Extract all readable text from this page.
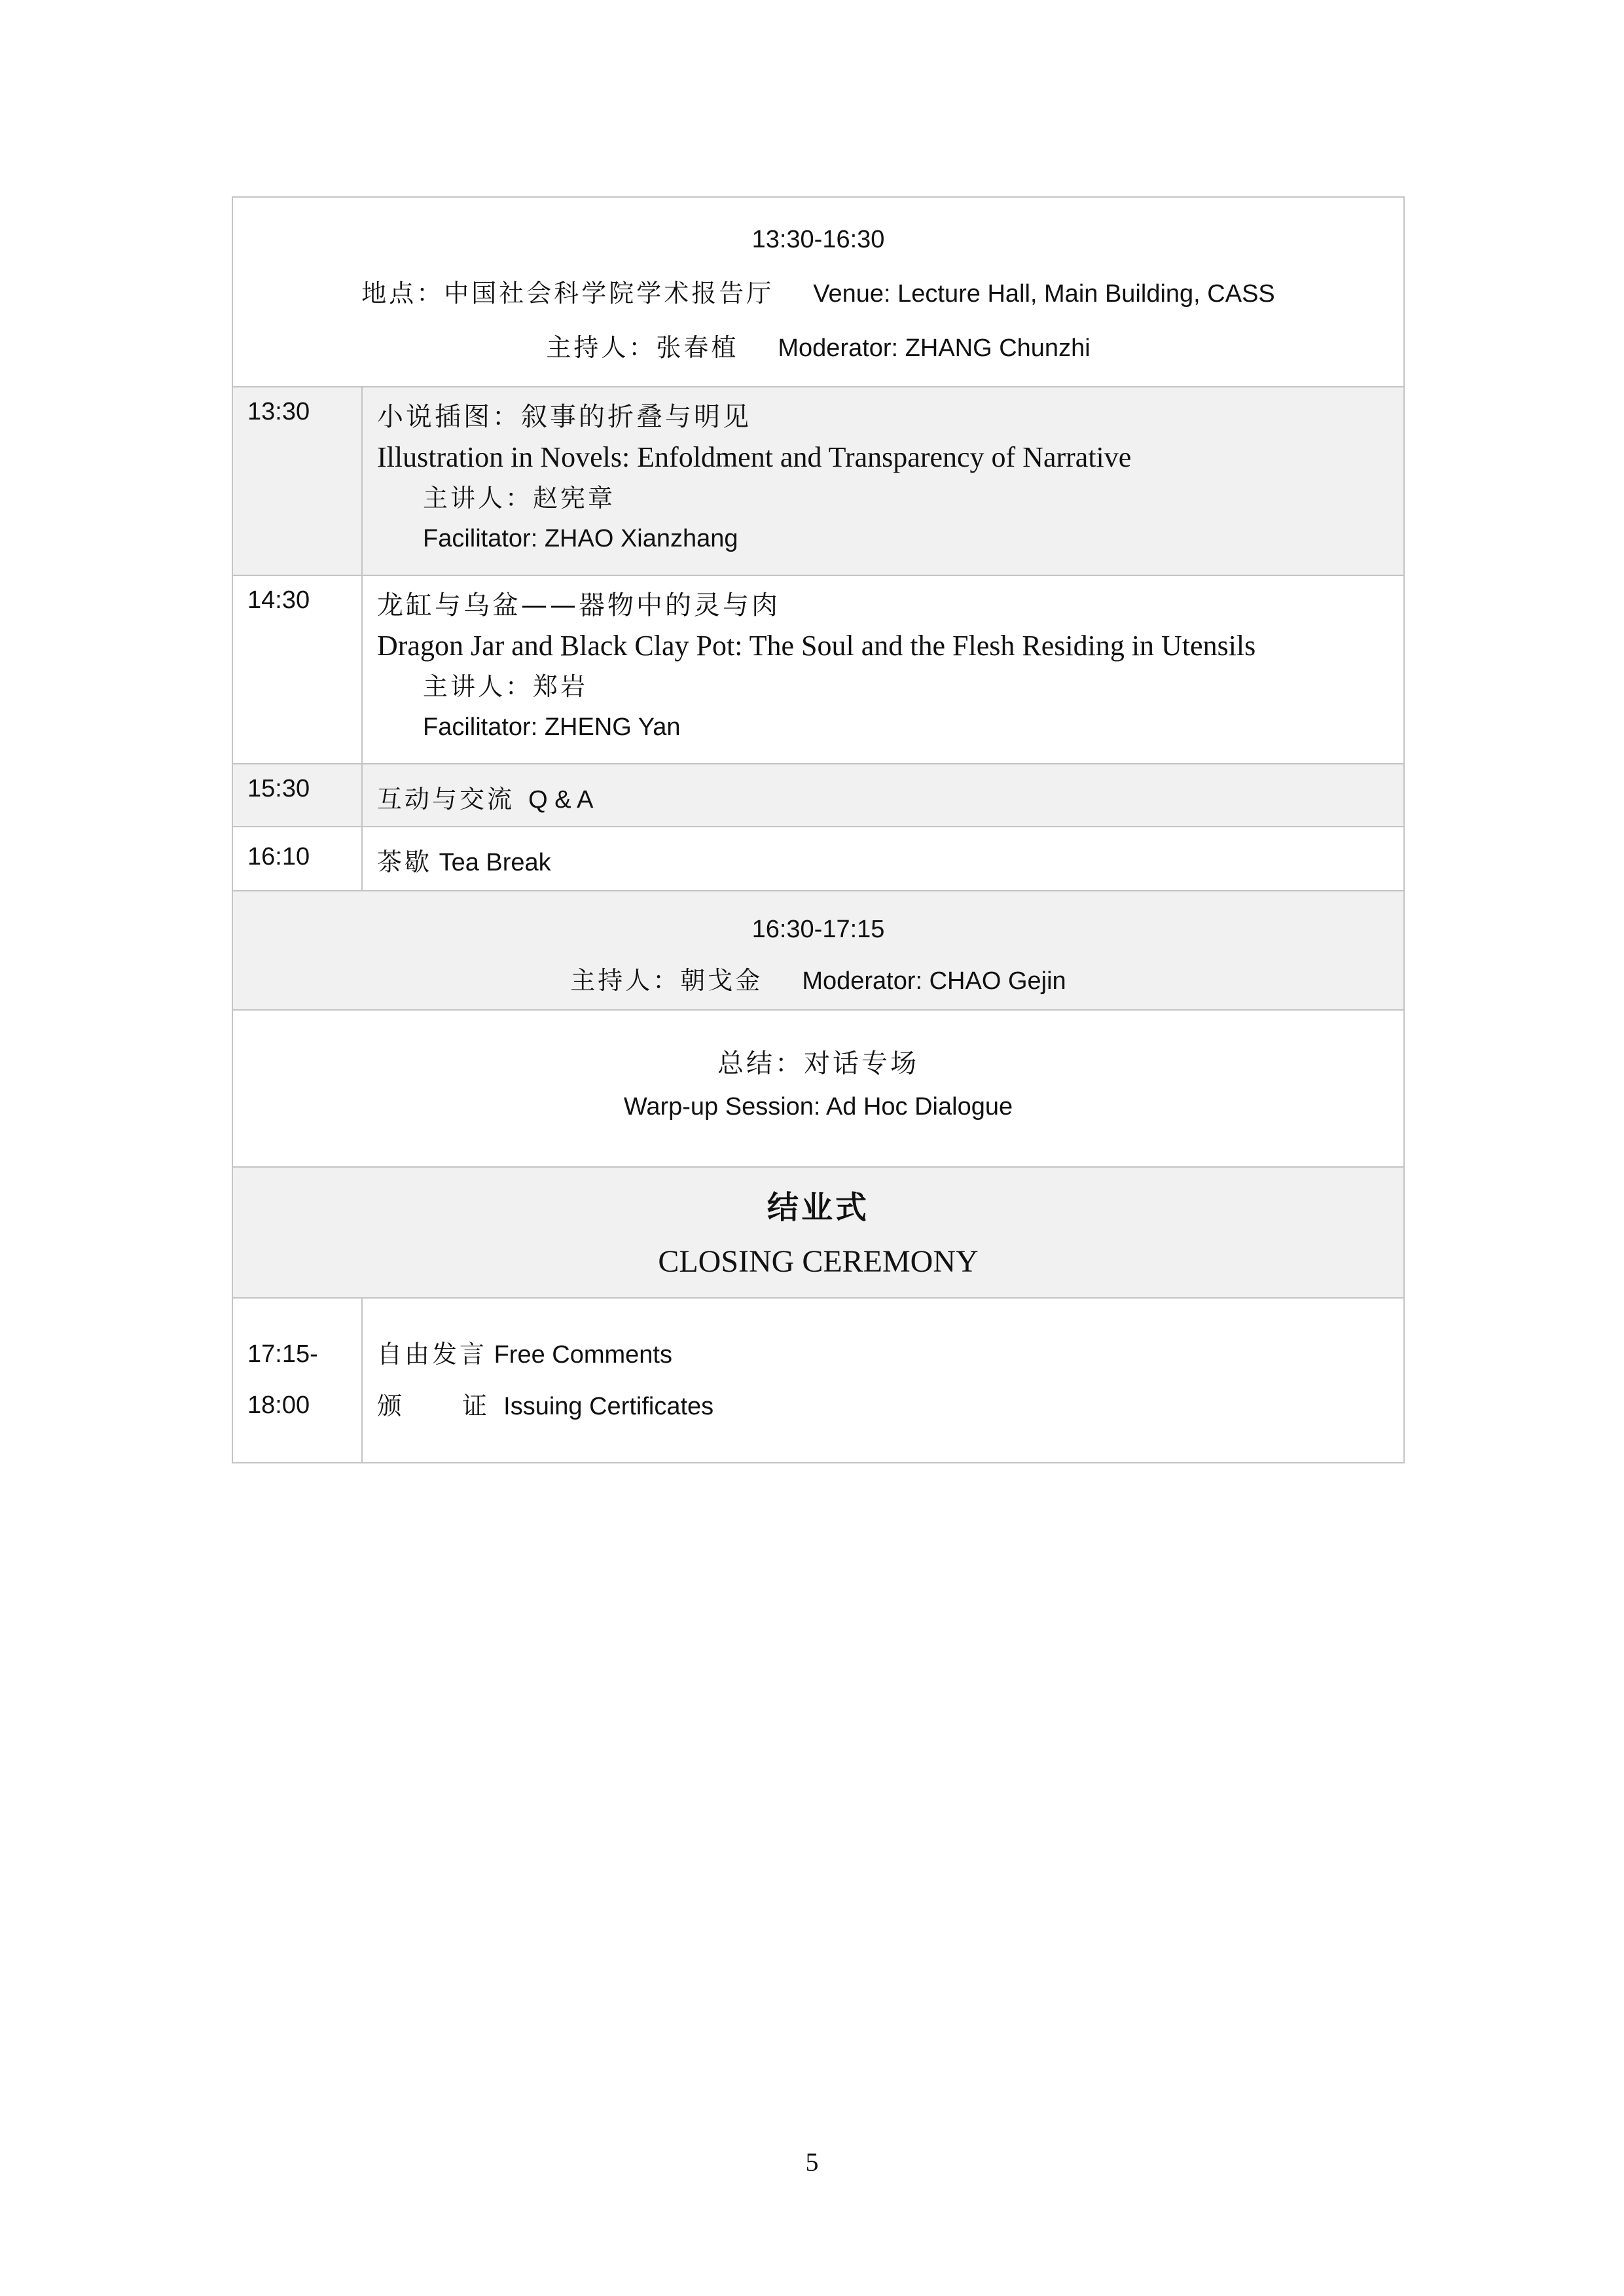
13:30-16:30
地点：中国社会科学院学术报告厅 Venue: Lecture Hall, Main Building, CASS
主持人：张春植 Moderator: ZHANG Chunzhi	

13:30	小说插图：叙事的折叠与明见
Illustration in Novels: Enfoldment and Transparency of Narrative
主讲人：赵宪章
Facilitator: ZHAO Xianzhang

14:30	龙缸与乌盆——器物中的灵与肉
Dragon Jar and Black Clay Pot: The Soul and the Flesh Residing in Utensils
主讲人：郑岩
Facilitator: ZHENG Yan

15:30	互动与交流 Q & A
16:10	茶歇 Tea Break

16:30-17:15
主持人：朝戈金 Moderator: CHAO Gejin	

总结：对话专场
Warp-up Session: Ad Hoc Dialogue	

结业式
CLOSING CEREMONY	

17:15-
18:00	自由发言 Free Comments
颁 证 Issuing Certificates
5
